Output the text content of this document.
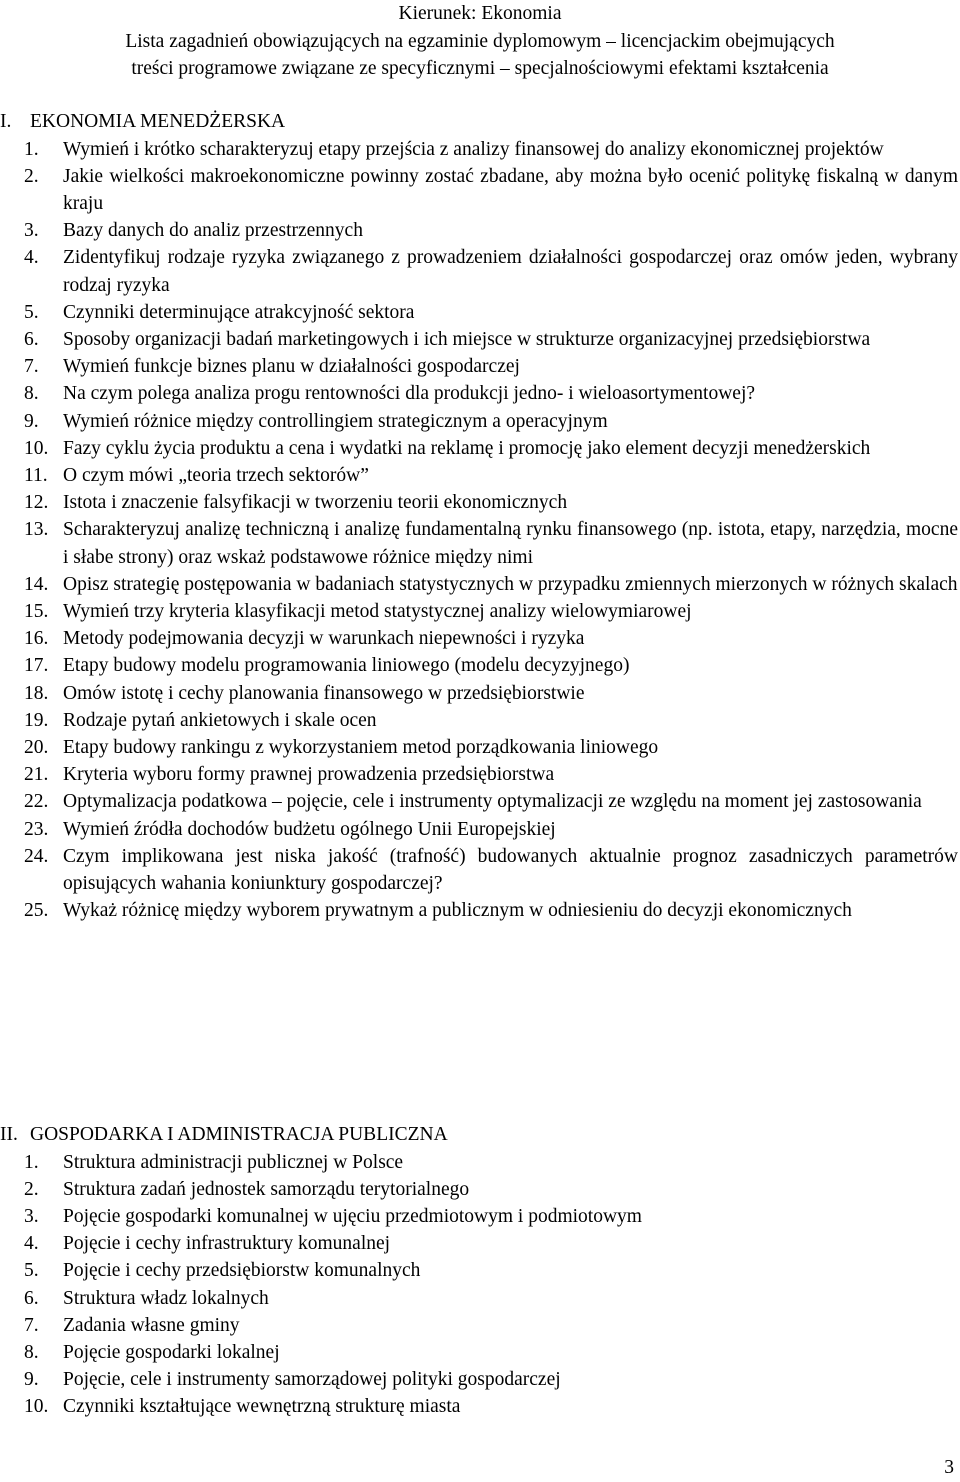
Kierunek: Ekonomia
Lista zagadnień obowiązujących na egzaminie dyplomowym – licencjackim obejmujących
treści programowe związane ze specyficznymi – specjalnościowymi efektami kształcenia
I. EKONOMIA MENEDŻERSKA
1.	Wymień i krótko scharakteryzuj etapy przejścia z analizy finansowej do analizy ekonomicznej projektów
2.	Jakie wielkości makroekonomiczne powinny zostać zbadane, aby można było ocenić politykę fiskalną w danym kraju
3.	Bazy danych do analiz przestrzennych
4.	Zidentyfikuj rodzaje ryzyka związanego z prowadzeniem działalności gospodarczej oraz omów jeden, wybrany rodzaj ryzyka
5.	Czynniki determinujące atrakcyjność sektora
6.	Sposoby organizacji badań marketingowych i ich miejsce w strukturze organizacyjnej przedsiębiorstwa
7.	Wymień funkcje biznes planu w działalności gospodarczej
8.	Na czym polega analiza progu rentowności dla produkcji jedno- i wieloasortymentowej?
9.	Wymień różnice między controllingiem strategicznym a operacyjnym
10. Fazy cyklu życia produktu a cena i wydatki na reklamę i promocję jako element decyzji menedżerskich
11. O czym mówi „teoria trzech sektorów”
12. Istota i znaczenie falsyfikacji w tworzeniu teorii ekonomicznych
13. Scharakteryzuj analizę techniczną i analizę fundamentalną rynku finansowego (np. istota, etapy, narzędzia, mocne i słabe strony) oraz wskaż podstawowe różnice między nimi
14. Opisz strategię postępowania w badaniach statystycznych w przypadku zmiennych mierzonych w różnych skalach
15. Wymień trzy kryteria klasyfikacji metod statystycznej analizy wielowymiarowej
16. Metody podejmowania decyzji w warunkach niepewności i ryzyka
17. Etapy budowy modelu programowania liniowego (modelu decyzyjnego)
18. Omów istotę i cechy planowania finansowego w przedsiębiorstwie
19. Rodzaje pytań ankietowych i skale ocen
20. Etapy budowy rankingu z wykorzystaniem metod porządkowania liniowego
21. Kryteria wyboru formy prawnej prowadzenia przedsiębiorstwa
22. Optymalizacja podatkowa – pojęcie, cele i instrumenty optymalizacji ze względu na moment jej zastosowania
23. Wymień źródła dochodów budżetu ogólnego Unii Europejskiej
24. Czym implikowana jest niska jakość (trafność) budowanych aktualnie prognoz zasadniczych parametrów opisujących wahania koniunktury gospodarczej?
25. Wykaż różnicę między wyborem prywatnym a publicznym w odniesieniu do decyzji ekonomicznych
II. GOSPODARKA I ADMINISTRACJA PUBLICZNA
1.	Struktura administracji publicznej w Polsce
2.	Struktura zadań jednostek samorządu terytorialnego
3.	Pojęcie gospodarki komunalnej w ujęciu przedmiotowym i podmiotowym
4.	Pojęcie i cechy infrastruktury komunalnej
5.	Pojęcie i cechy przedsiębiorstw komunalnych
6.	Struktura władz lokalnych
7.	Zadania własne gminy
8.	Pojęcie gospodarki lokalnej
9.	Pojęcie, cele i instrumenty samorządowej polityki gospodarczej
10. Czynniki kształtujące wewnętrzną strukturę miasta
3
